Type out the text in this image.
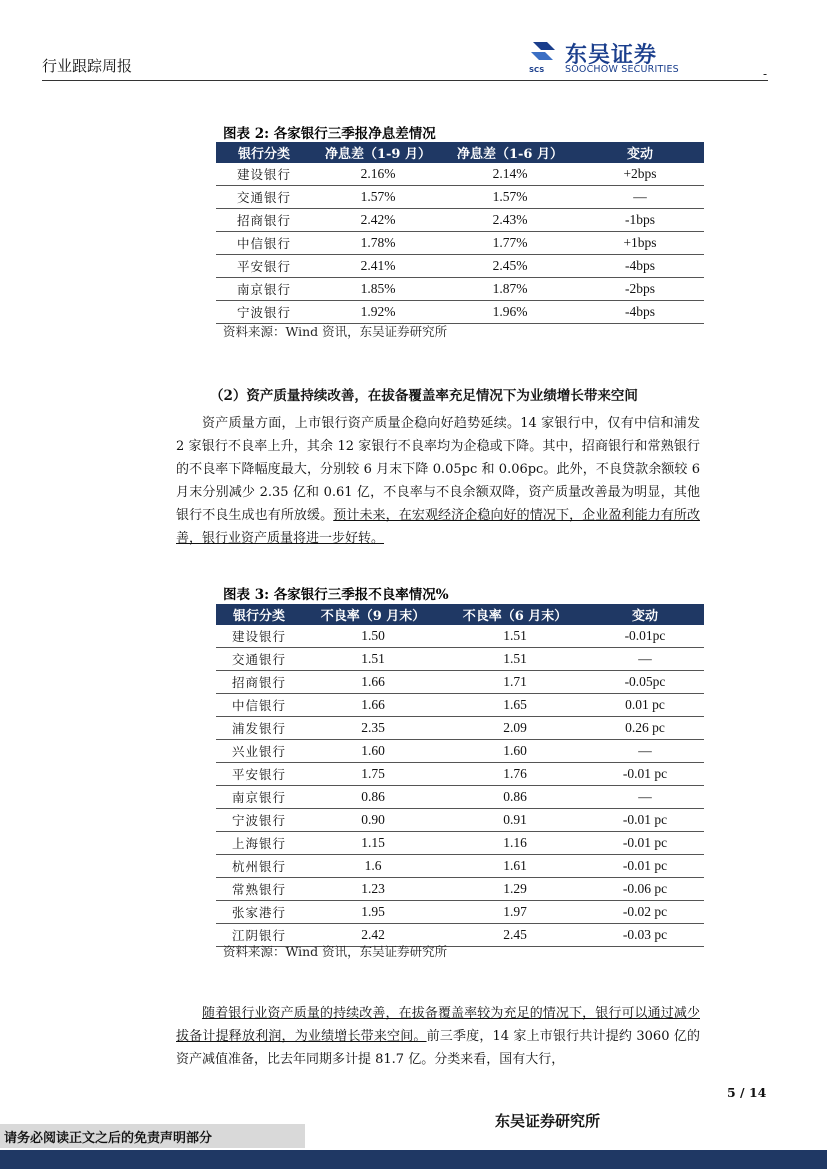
行业跟踪周报	SCS
东吴证券
SOOCHOW SECURITIES	-
图表 2: 各家银行三季报净息差情况
银行分类	净息差（1-9 月）	净息差（1-6 月）	变动
建设银行	2.16%	2.14%	+2bps
交通银行	1.57%	1.57%	—
招商银行	2.42%	2.43%	-1bps
中信银行	1.78%	1.77%	+1bps
平安银行	2.41%	2.45%	-4bps
南京银行	1.85%	1.87%	-2bps
宁波银行	1.92%	1.96%	-4bps
资料来源：Wind 资讯，东吴证券研究所
（2）资产质量持续改善，在拔备覆盖率充足情况下为业绩增长带来空间

资产质量方面，上市银行资产质量企稳向好趋势延续。14 家银行中，仅有中信和浦发 2 家银行不良率上升，其余 12 家银行不良率均为企稳或下降。其中，招商银行和常熟银行的不良率下降幅度最大，分别较 6 月末下降 0.05pc 和 0.06pc。此外，不良贷款余额较 6 月末分别减少 2.35 亿和 0.61 亿，不良率与不良余额双降，资产质量改善最为明显，其他银行不良生成也有所放缓。预计未来，在宏观经济企稳向好的情况下，企业盈利能力有所改善，银行业资产质量将进一步好转。

图表 3: 各家银行三季报不良率情况%
银行分类	不良率（9 月末）	不良率（6 月末）	变动
建设银行	1.50	1.51	-0.01pc
交通银行	1.51	1.51	—
招商银行	1.66	1.71	-0.05pc
中信银行	1.66	1.65	0.01 pc
浦发银行	2.35	2.09	0.26 pc
兴业银行	1.60	1.60	—
平安银行	1.75	1.76	-0.01 pc
南京银行	0.86	0.86	—
宁波银行	0.90	0.91	-0.01 pc
上海银行	1.15	1.16	-0.01 pc
杭州银行	1.6	1.61	-0.01 pc
常熟银行	1.23	1.29	-0.06 pc
张家港行	1.95	1.97	-0.02 pc
江阴银行	2.42	2.45	-0.03 pc
资料来源：Wind 资讯，东吴证券研究所

随着银行业资产质量的持续改善，在拔备覆盖率较为充足的情况下，银行可以通过减少拔备计提释放利润，为业绩增长带来空间。前三季度，14 家上市银行共计提约 3060 亿的资产减值准备，比去年同期多计提 81.7 亿。分类来看，国有大行，

5 / 14
东吴证券研究所
请务必阅读正文之后的免责声明部分
